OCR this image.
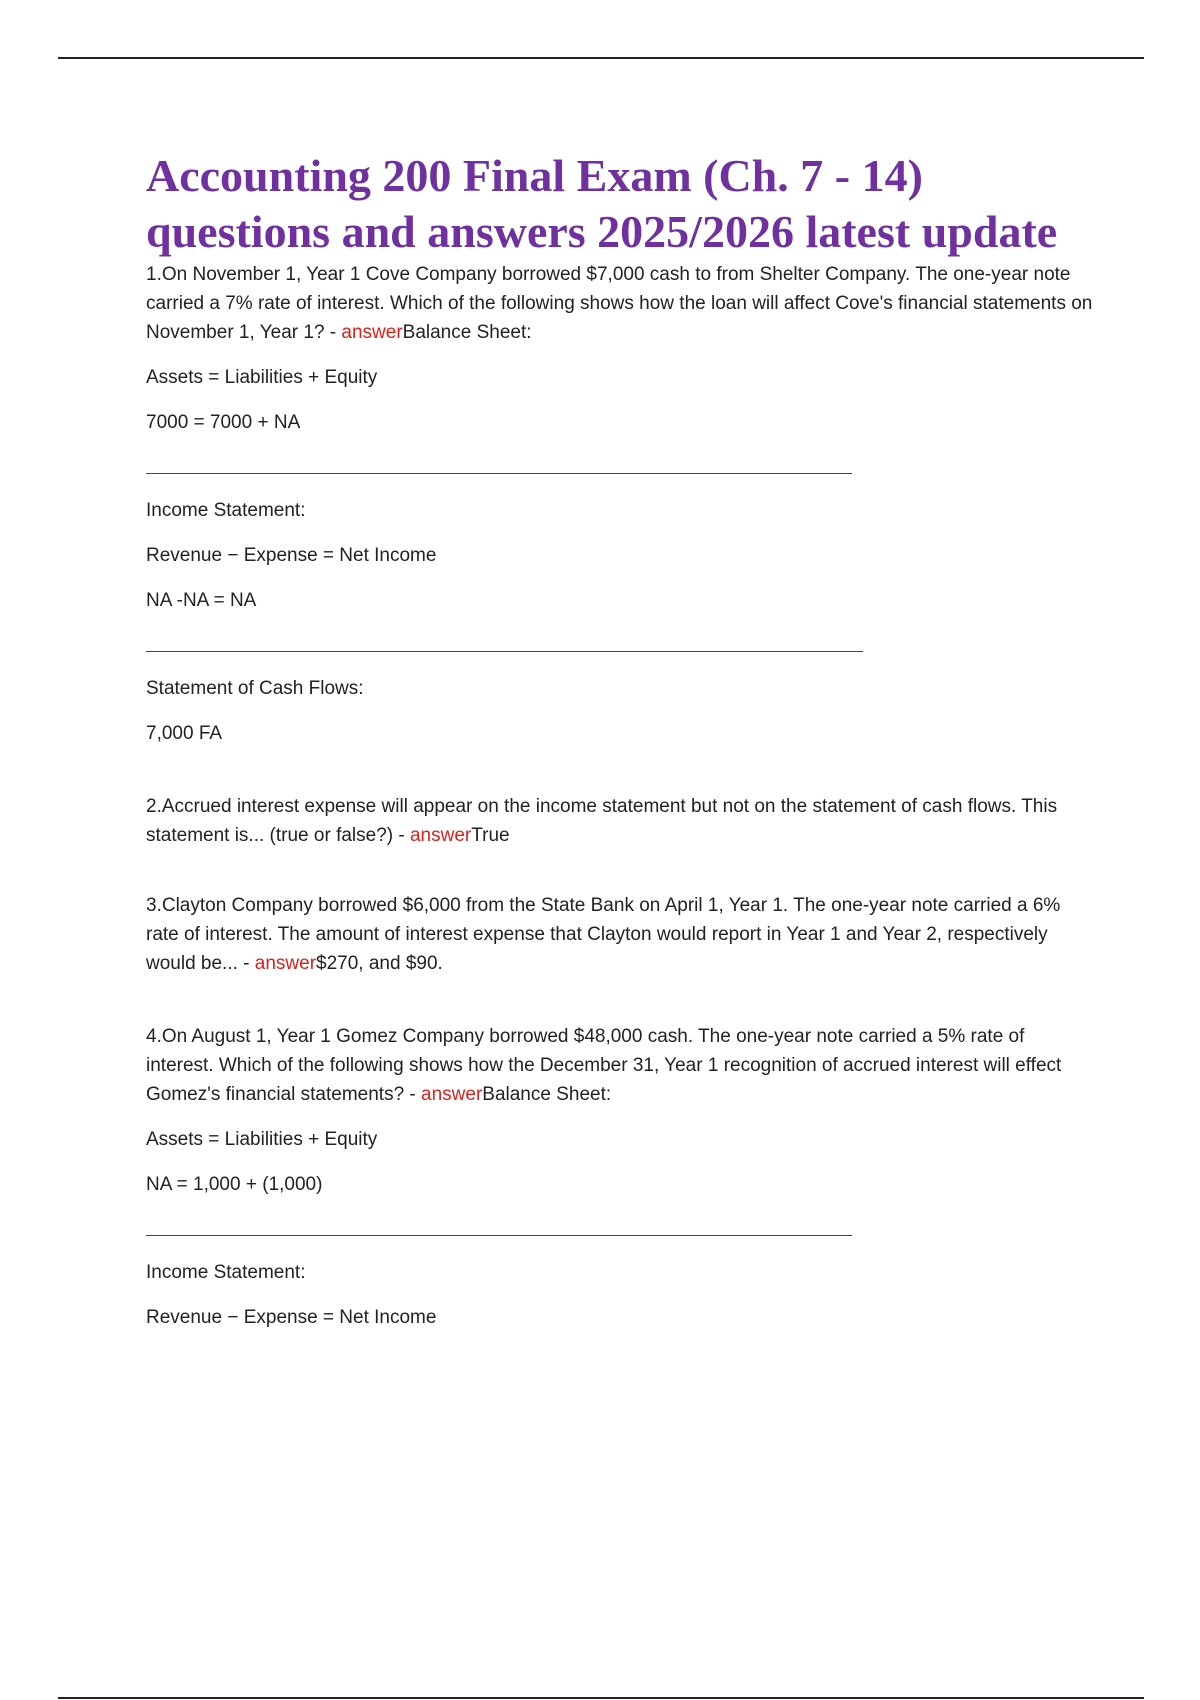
Accounting 200 Final Exam (Ch. 7 - 14) questions and answers 2025/2026 latest update

1.On November 1, Year 1 Cove Company borrowed $7,000 cash to from Shelter Company. The one-year note carried a 7% rate of interest. Which of the following shows how the loan will affect Cove's financial statements on November 1, Year 1? - answerBalance Sheet:

Assets = Liabilities + Equity
7000 = 7000 + NA
Income Statement:
Revenue − Expense = Net Income
NA -NA = NA
Statement of Cash Flows:
7,000 FA

2.Accrued interest expense will appear on the income statement but not on the statement of cash flows. This statement is... (true or false?) - answerTrue

3.Clayton Company borrowed $6,000 from the State Bank on April 1, Year 1. The one-year note carried a 6% rate of interest. The amount of interest expense that Clayton would report in Year 1 and Year 2, respectively would be... - answer$270, and $90.

4.On August 1, Year 1 Gomez Company borrowed $48,000 cash. The one-year note carried a 5% rate of interest. Which of the following shows how the December 31, Year 1 recognition of accrued interest will effect Gomez's financial statements? - answerBalance Sheet:

Assets = Liabilities + Equity
NA = 1,000 + (1,000)
Income Statement:
Revenue − Expense = Net Income
